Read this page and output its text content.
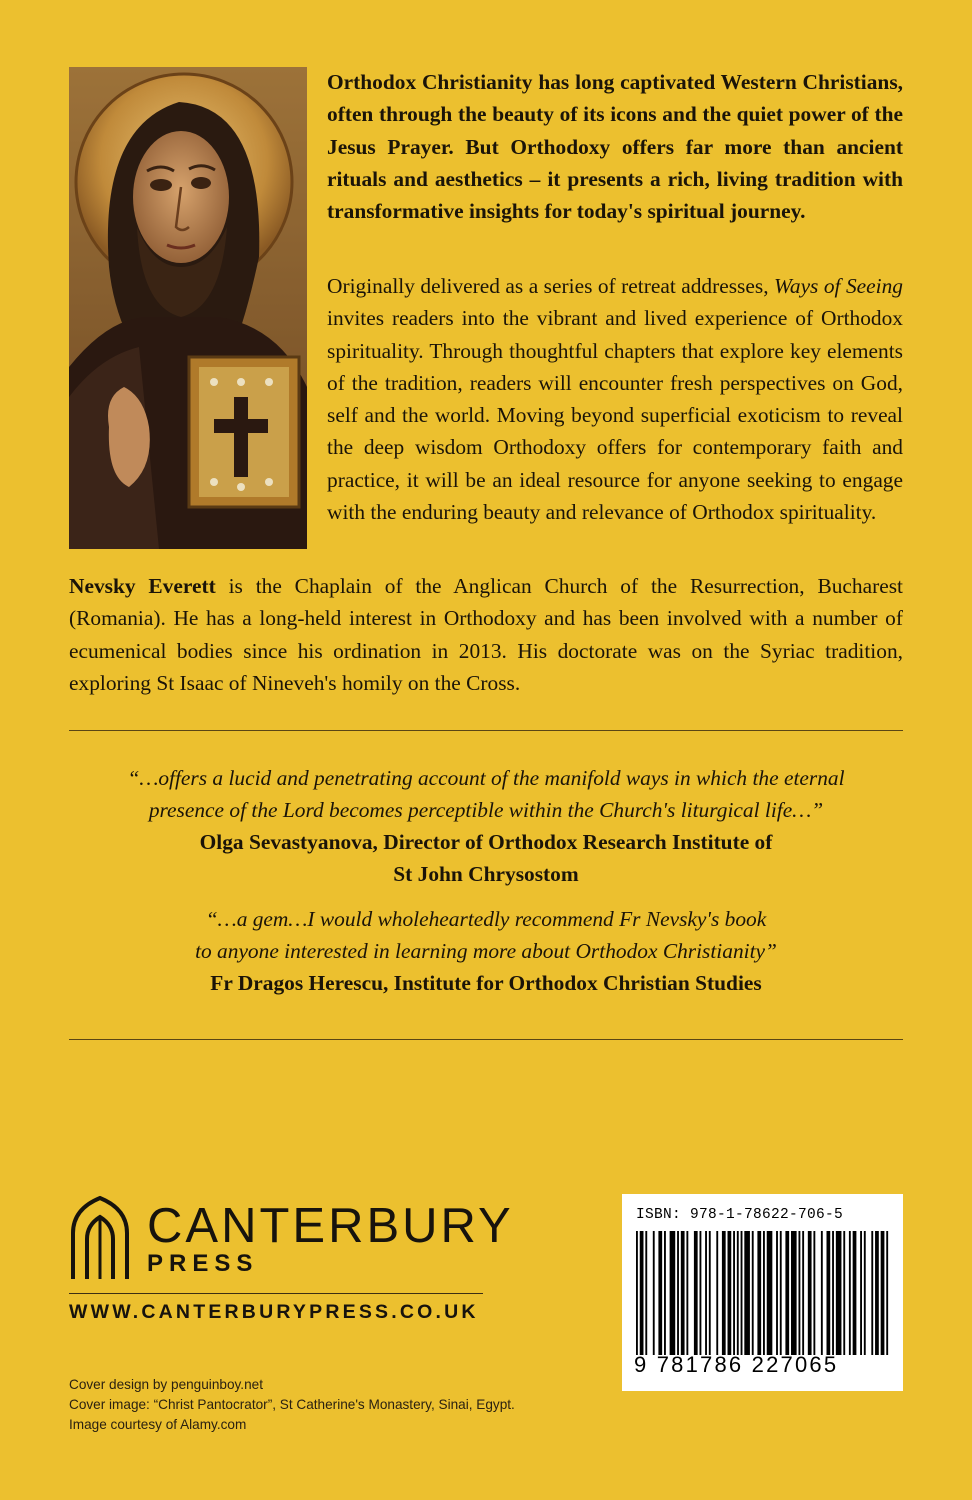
Orthodox Christianity has long captivated Western Christians, often through the beauty of its icons and the quiet power of the Jesus Prayer. But Orthodoxy offers far more than ancient rituals and aesthetics – it presents a rich, living tradition with transformative insights for today's spiritual journey.

Originally delivered as a series of retreat addresses, Ways of Seeing invites readers into the vibrant and lived experience of Orthodox spirituality. Through thoughtful chapters that explore key elements of the tradition, readers will encounter fresh perspectives on God, self and the world. Moving beyond superficial exoticism to reveal the deep wisdom Orthodoxy offers for contemporary faith and practice, it will be an ideal resource for anyone seeking to engage with the enduring beauty and relevance of Orthodox spirituality.

Nevsky Everett is the Chaplain of the Anglican Church of the Resurrection, Bucharest (Romania). He has a long-held interest in Orthodoxy and has been involved with a number of ecumenical bodies since his ordination in 2013. His doctorate was on the Syriac tradition, exploring St Isaac of Nineveh's homily on the Cross.

“…offers a lucid and penetrating account of the manifold ways in which the eternal
presence of the Lord becomes perceptible within the Church's liturgical life…”
Olga Sevastyanova, Director of Orthodox Research Institute of
St John Chrysostom
“…a gem…I would wholeheartedly recommend Fr Nevsky's book
to anyone interested in learning more about Orthodox Christianity”
Fr Dragos Herescu, Institute for Orthodox Christian Studies
CANTERBURY
PRESS
WWW.CANTERBURYPRESS.CO.UK
Cover design by penguinboy.net
Cover image: “Christ Pantocrator”, St Catherine's Monastery, Sinai, Egypt.
Image courtesy of Alamy.com
ISBN: 978-1-78622-706-5
9 781786 227065
